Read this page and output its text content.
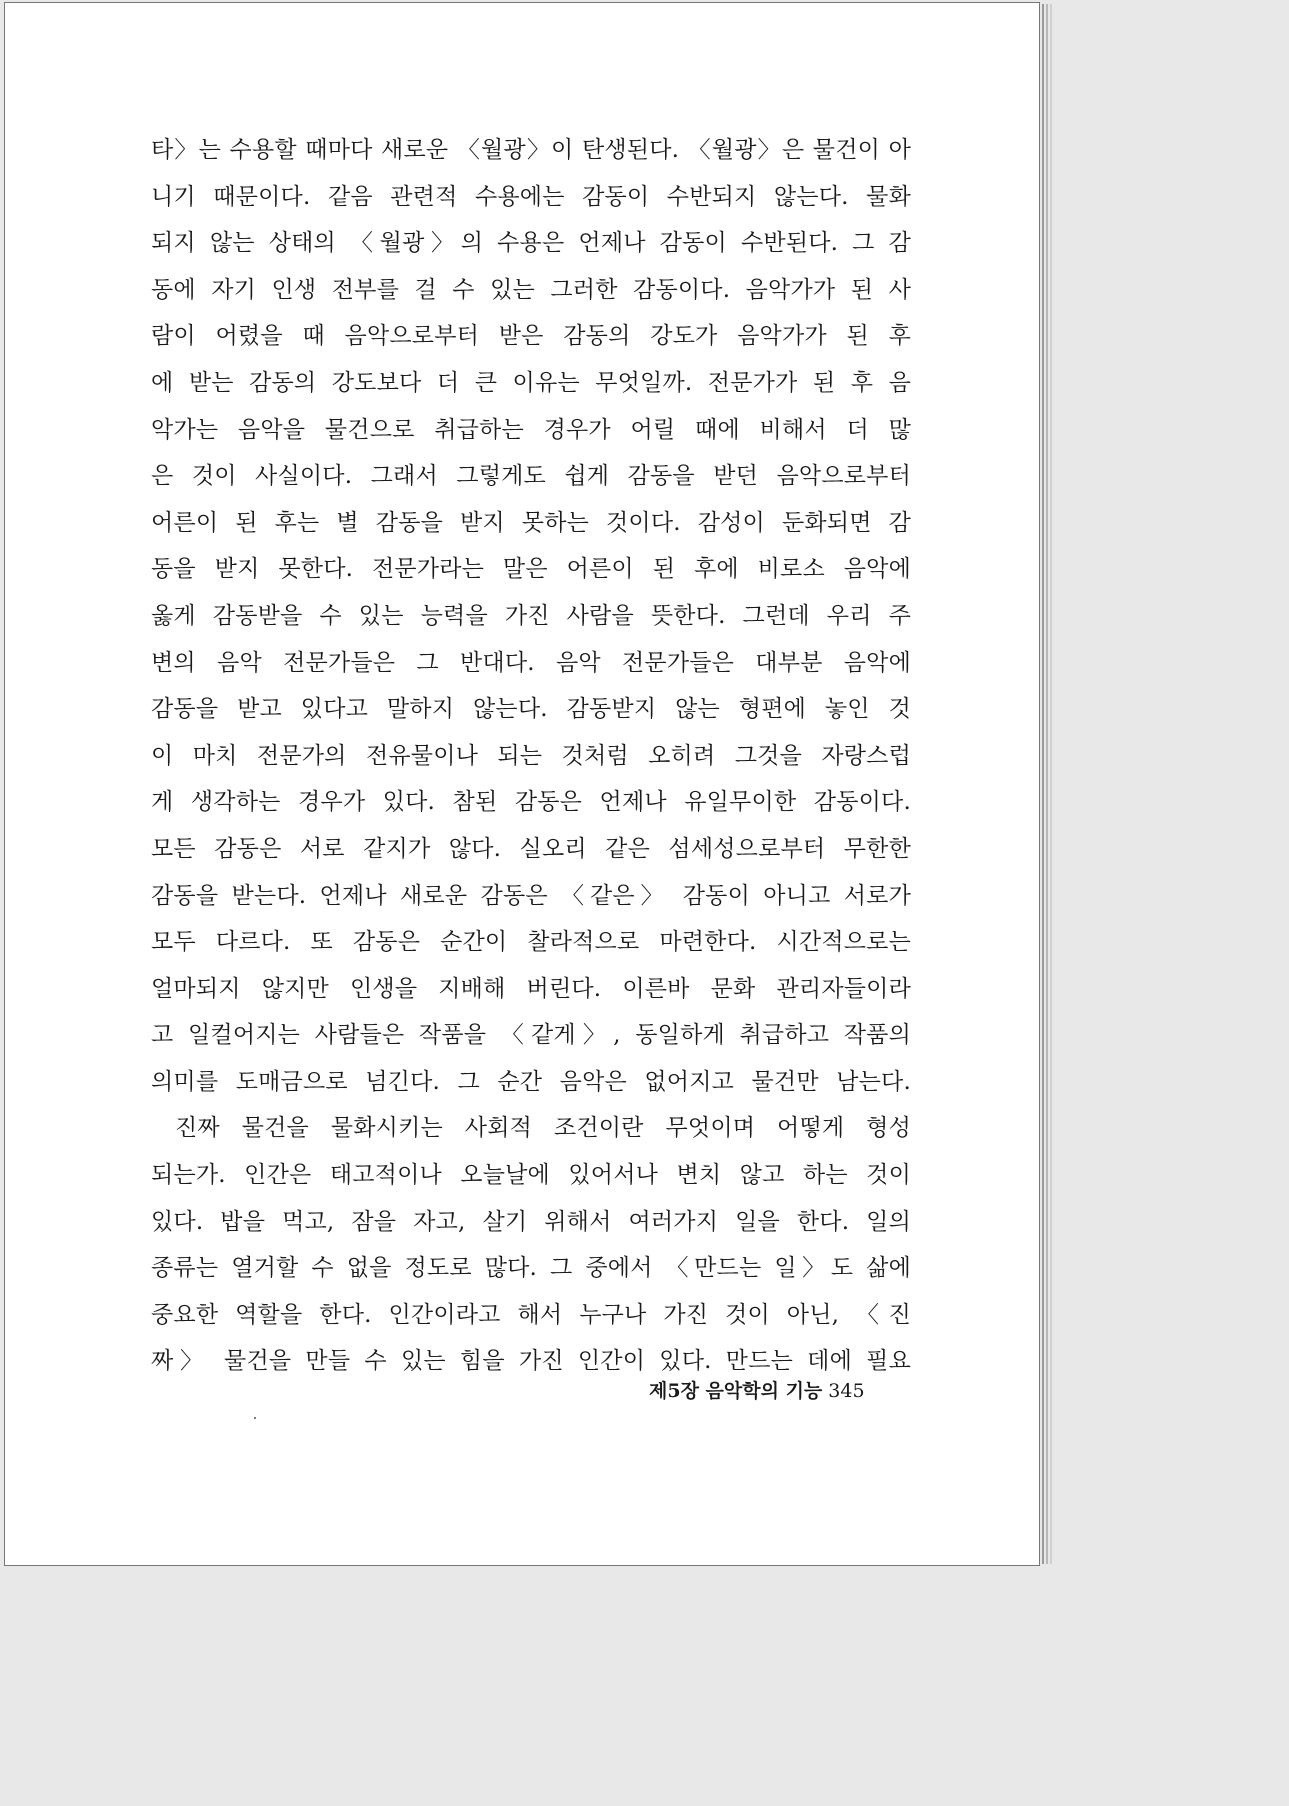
타〉는 수용할 때마다 새로운 〈월광〉이 탄생된다. 〈월광〉은 물건이 아
니기 때문이다. 같음 관련적 수용에는 감동이 수반되지 않는다. 물화
되지 않는 상태의 〈월광〉의 수용은 언제나 감동이 수반된다. 그 감
동에 자기 인생 전부를 걸 수 있는 그러한 감동이다. 음악가가 된 사
람이 어렸을 때 음악으로부터 받은 감동의 강도가 음악가가 된 후
에 받는 감동의 강도보다 더 큰 이유는 무엇일까. 전문가가 된 후 음
악가는 음악을 물건으로 취급하는 경우가 어릴 때에 비해서 더 많
은 것이 사실이다. 그래서 그렇게도 쉽게 감동을 받던 음악으로부터
어른이 된 후는 별 감동을 받지 못하는 것이다. 감성이 둔화되면 감
동을 받지 못한다. 전문가라는 말은 어른이 된 후에 비로소 음악에
옳게 감동받을 수 있는 능력을 가진 사람을 뜻한다. 그런데 우리 주
변의 음악 전문가들은 그 반대다. 음악 전문가들은 대부분 음악에
감동을 받고 있다고 말하지 않는다. 감동받지 않는 형편에 놓인 것
이 마치 전문가의 전유물이나 되는 것처럼 오히려 그것을 자랑스럽
게 생각하는 경우가 있다. 참된 감동은 언제나 유일무이한 감동이다.
모든 감동은 서로 같지가 않다. 실오리 같은 섬세성으로부터 무한한
감동을 받는다. 언제나 새로운 감동은 〈같은〉 감동이 아니고 서로가
모두 다르다. 또 감동은 순간이 찰라적으로 마련한다. 시간적으로는
얼마되지 않지만 인생을 지배해 버린다. 이른바 문화 관리자들이라
고 일컬어지는 사람들은 작품을 〈같게〉, 동일하게 취급하고 작품의
의미를 도매금으로 넘긴다. 그 순간 음악은 없어지고 물건만 남는다.
진짜 물건을 물화시키는 사회적 조건이란 무엇이며 어떻게 형성
되는가. 인간은 태고적이나 오늘날에 있어서나 변치 않고 하는 것이
있다. 밥을 먹고, 잠을 자고, 살기 위해서 여러가지 일을 한다. 일의
종류는 열거할 수 없을 정도로 많다. 그 중에서 〈만드는 일〉도 삶에
중요한 역할을 한다. 인간이라고 해서 누구나 가진 것이 아닌, 〈진
짜〉 물건을 만들 수 있는 힘을 가진 인간이 있다. 만드는 데에 필요
제5장 음악학의 기능 345
